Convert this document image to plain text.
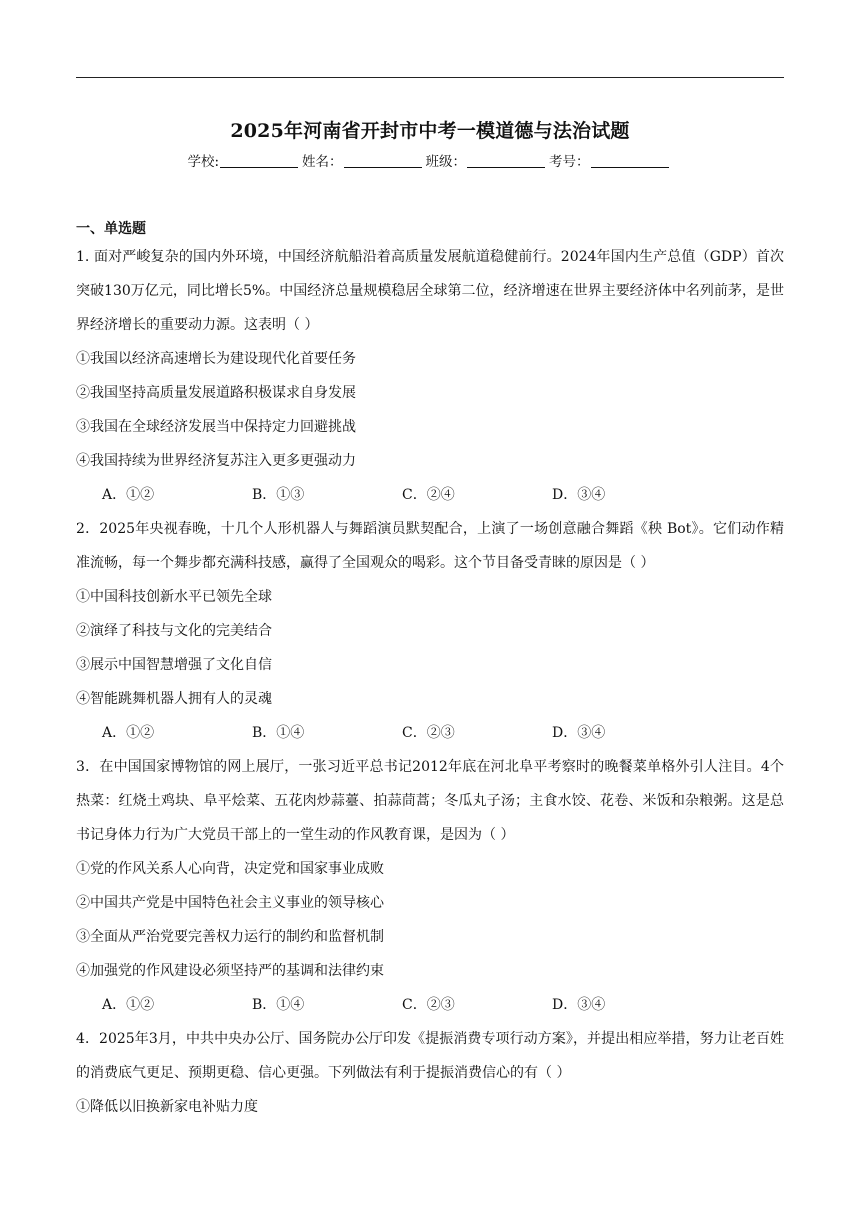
2025年河南省开封市中考一模道德与法治试题
学校:	姓名：	班级：	考号：
一、单选题
1. 面对严峻复杂的国内外环境，中国经济航船沿着高质量发展航道稳健前行。2024年国内生产总值（GDP）首次突破130万亿元，同比增长5%。中国经济总量规模稳居全球第二位，经济增速在世界主要经济体中名列前茅，是世界经济增长的重要动力源。这表明（ ）
①我国以经济高速增长为建设现代化首要任务
②我国坚持高质量发展道路积极谋求自身发展
③我国在全球经济发展当中保持定力回避挑战
④我国持续为世界经济复苏注入更多更强动力
A．①②	B．①③	C．②④	D．③④
2．2025年央视春晚，十几个人形机器人与舞蹈演员默契配合，上演了一场创意融合舞蹈《秧 Bot》。它们动作精准流畅，每一个舞步都充满科技感，赢得了全国观众的喝彩。这个节目备受青睐的原因是（ ）
①中国科技创新水平已领先全球
②演绎了科技与文化的完美结合
③展示中国智慧增强了文化自信
④智能跳舞机器人拥有人的灵魂
A．①②	B．①④	C．②③	D．③④
3．在中国国家博物馆的网上展厅，一张习近平总书记2012年底在河北阜平考察时的晚餐菜单格外引人注目。4个热菜：红烧土鸡块、阜平烩菜、五花肉炒蒜薹、拍蒜茼蒿；冬瓜丸子汤；主食水饺、花卷、米饭和杂粮粥。这是总书记身体力行为广大党员干部上的一堂生动的作风教育课，是因为（ ）
①党的作风关系人心向背，决定党和国家事业成败
②中国共产党是中国特色社会主义事业的领导核心
③全面从严治党要完善权力运行的制约和监督机制
④加强党的作风建设必须坚持严的基调和法律约束
A．①②	B．①④	C．②③	D．③④
4．2025年3月，中共中央办公厅、国务院办公厅印发《提振消费专项行动方案》，并提出相应举措，努力让老百姓的消费底气更足、预期更稳、信心更强。下列做法有利于提振消费信心的有（ ）
①降低以旧换新家电补贴力度
